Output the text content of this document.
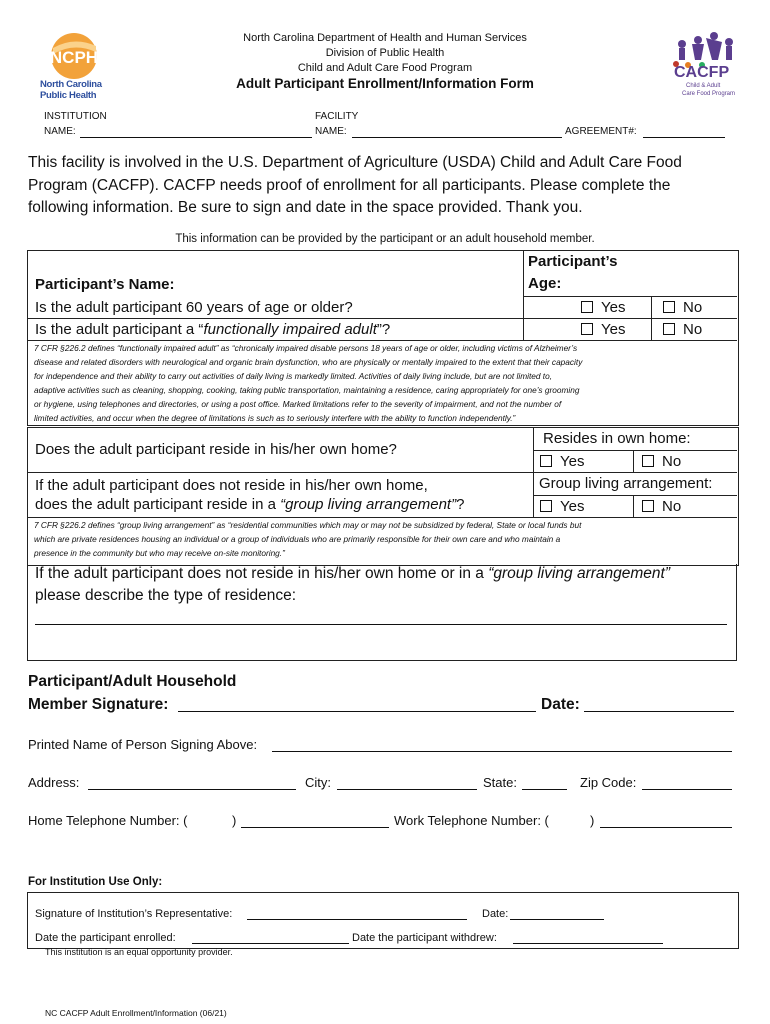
NCPH
North Carolina
Public Health
CACFP
Child & Adult
Care Food Program
North Carolina Department of Health and Human Services
Division of Public Health
Child and Adult Care Food Program
Adult Participant Enrollment/Information Form
INSTITUTION
NAME:
FACILITY
NAME:	AGREEMENT#:
This facility is involved in the U.S. Department of Agriculture (USDA) Child and Adult Care Food
Program (CACFP). CACFP needs proof of enrollment for all participants. Please complete the
following information. Be sure to sign and date in the space provided. Thank you.
This information can be provided by the participant or an adult household member.
Participant’s Name:
Participant’s
Age:
Is the adult participant 60 years of age or older?	Yes	No
Is the adult participant a “functionally impaired adult”?	Yes	No
7 CFR §226.2 defines “functionally impaired adult” as “chronically impaired disable persons 18 years of age or older, including victims of Alzheimer’s
disease and related disorders with neurological and organic brain dysfunction, who are physically or mentally impaired to the extent that their capacity
for independence and their ability to carry out activities of daily living is markedly limited. Activities of daily living include, but are not limited to,
adaptive activities such as cleaning, shopping, cooking, taking public transportation, maintaining a residence, caring appropriately for one’s grooming
or hygiene, using telephones and directories, or using a post office. Marked limitations refer to the severity of impairment, and not the number of
limited activities, and occur when the degree of limitations is such as to seriously interfere with the ability to function independently.”
Does the adult participant reside in his/her own home?
Resides in own home:
Yes	No
If the adult participant does not reside in his/her own home,
does the adult participant reside in a “group living arrangement”?
Group living arrangement:
Yes	No
7 CFR §226.2 defines “group living arrangement” as “residential communities which may or may not be subsidized by federal, State or local funds but
which are private residences housing an individual or a group of individuals who are primarily responsible for their own care and who maintain a
presence in the community but who may receive on-site monitoring.”
If the adult participant does not reside in his/her own home or in a “group living arrangement”
please describe the type of residence:
Participant/Adult Household
Member Signature:	Date:
Printed Name of Person Signing Above:
Address:	City:	State:	Zip Code:
Home Telephone Number: (	)	Work Telephone Number: (	)
For Institution Use Only:
Signature of Institution’s Representative:	Date:
Date the participant enrolled:	Date the participant withdrew:
This institution is an equal opportunity provider.
NC CACFP Adult Enrollment/Information (06/21)
